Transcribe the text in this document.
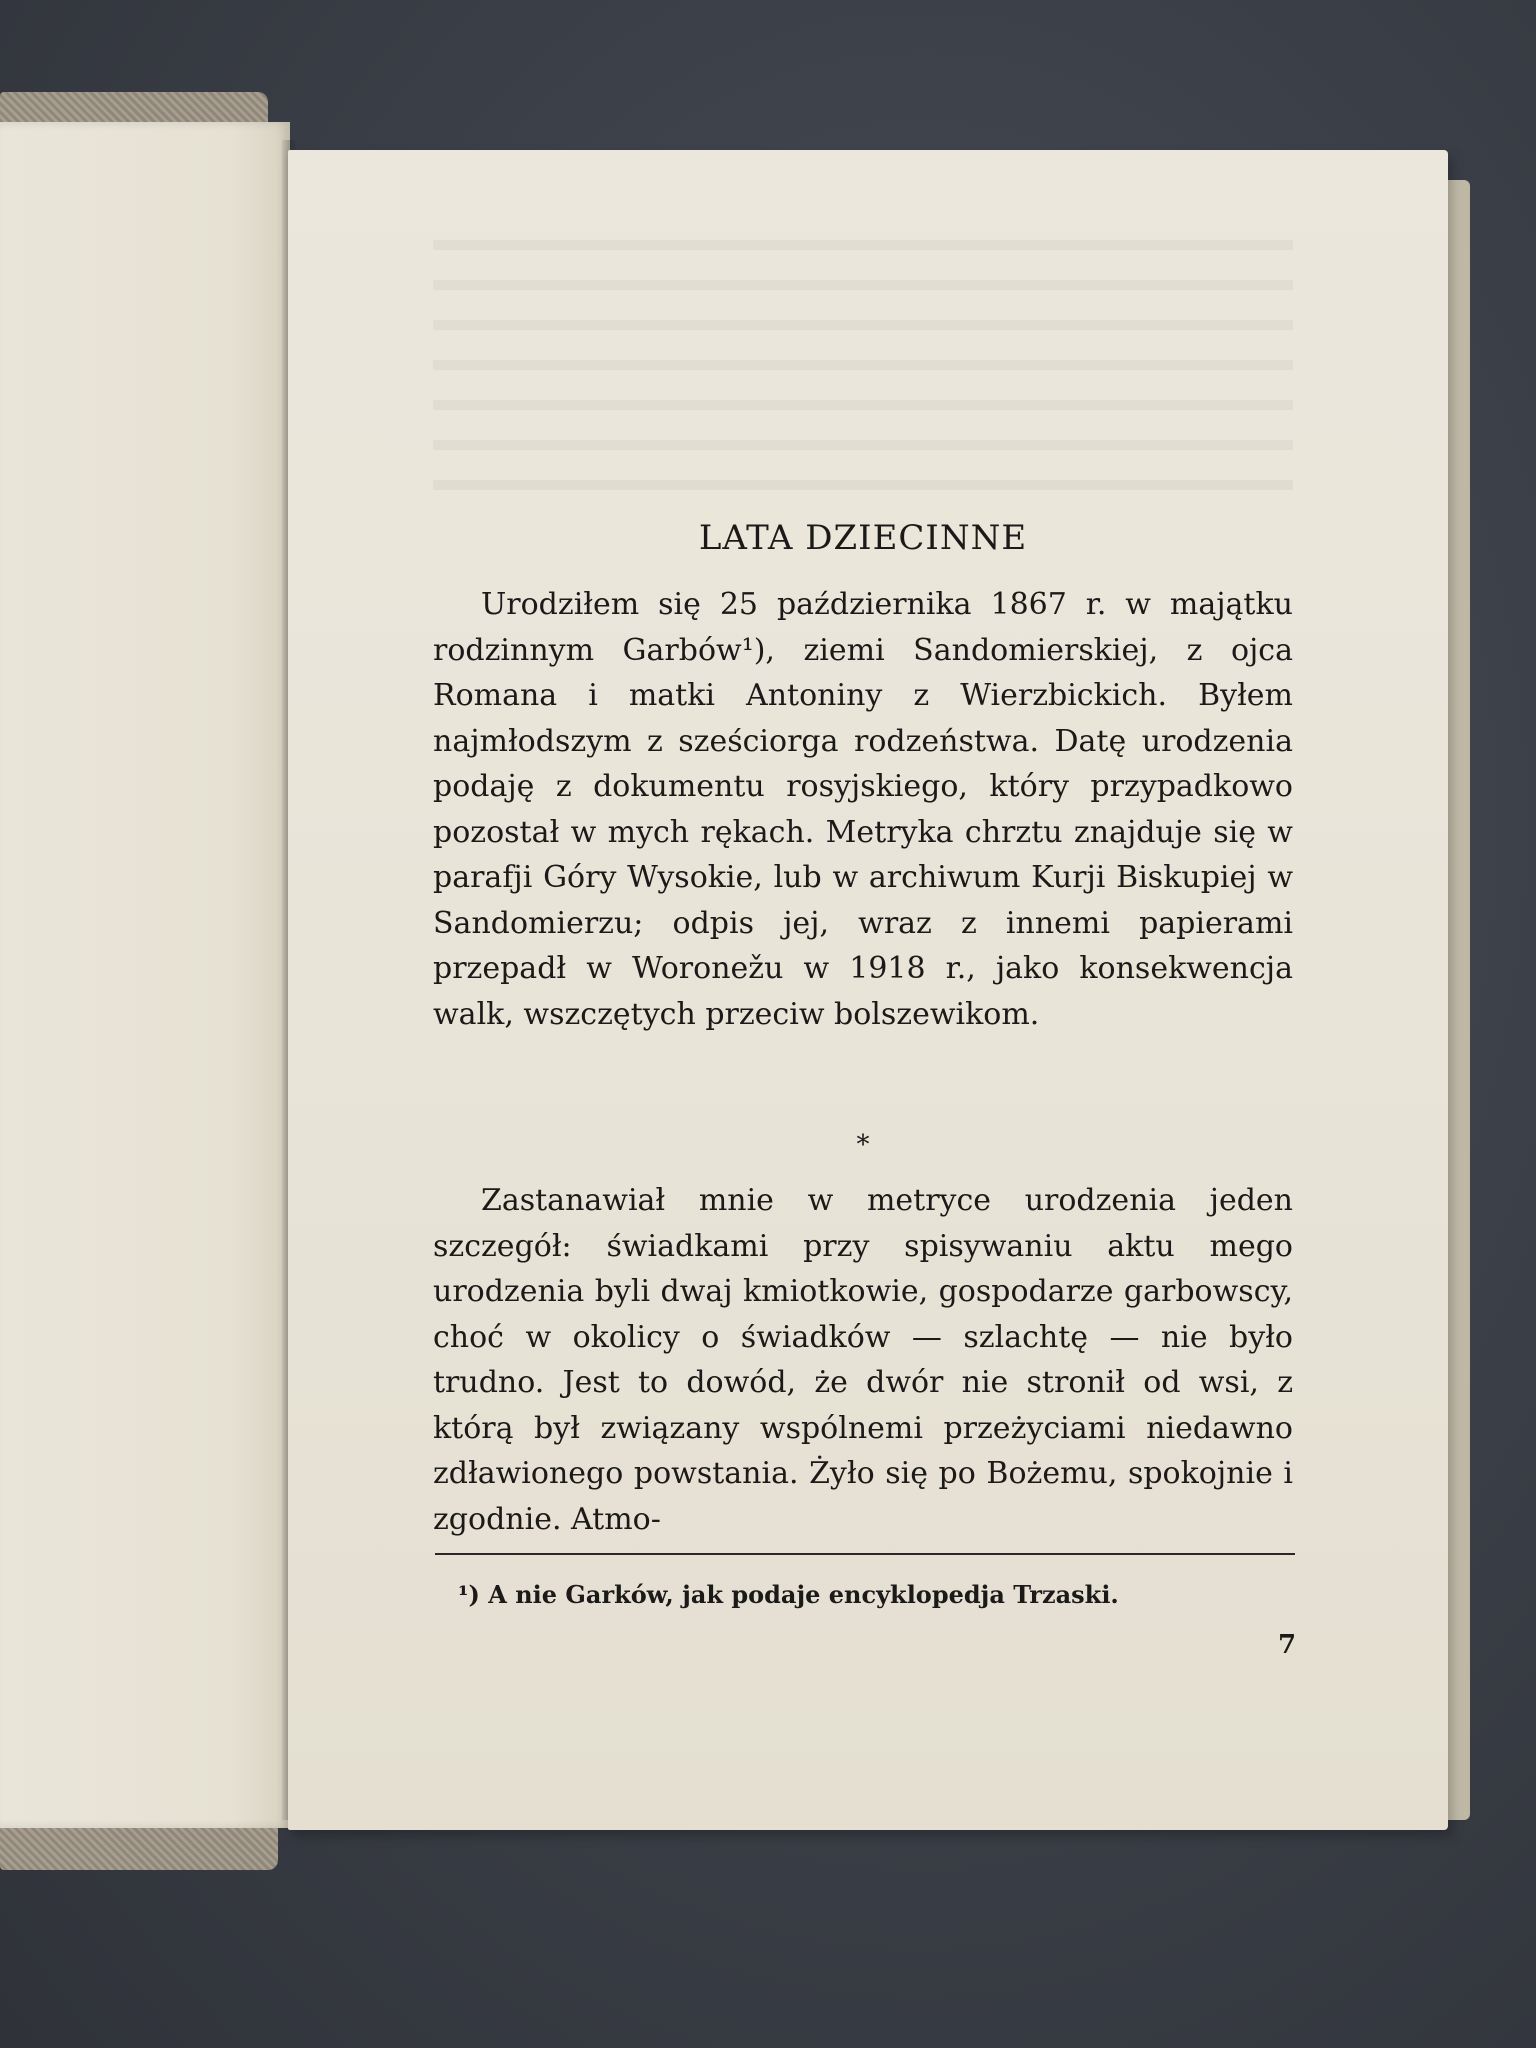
LATA DZIECINNE

Urodziłem się 25 października 1867 r. w majątku rodzinnym Garbów¹), ziemi Sandomierskiej, z ojca Romana i matki Antoniny z Wierzbickich. Byłem najmłodszym z sześciorga rodzeństwa. Datę urodzenia podaję z dokumentu rosyjskiego, który przypadkowo pozostał w mych rękach. Metryka chrztu znajduje się w parafji Góry Wysokie, lub w archiwum Kurji Biskupiej w Sandomierzu; odpis jej, wraz z innemi papierami przepadł w Woronežu w 1918 r., jako konsekwencja walk, wszczętych przeciw bolszewikom.

*

Zastanawiał mnie w metryce urodzenia jeden szczegół: świadkami przy spisywaniu aktu mego urodzenia byli dwaj kmiotkowie, gospodarze garbowscy, choć w okolicy o świadków — szlachtę — nie było trudno. Jest to dowód, że dwór nie stronił od wsi, z którą był związany wspólnemi przeżyciami niedawno zdławionego powstania. Żyło się po Bożemu, spokojnie i zgodnie. Atmo-

¹) A nie Garków, jak podaje encyklopedja Trzaski.

7
